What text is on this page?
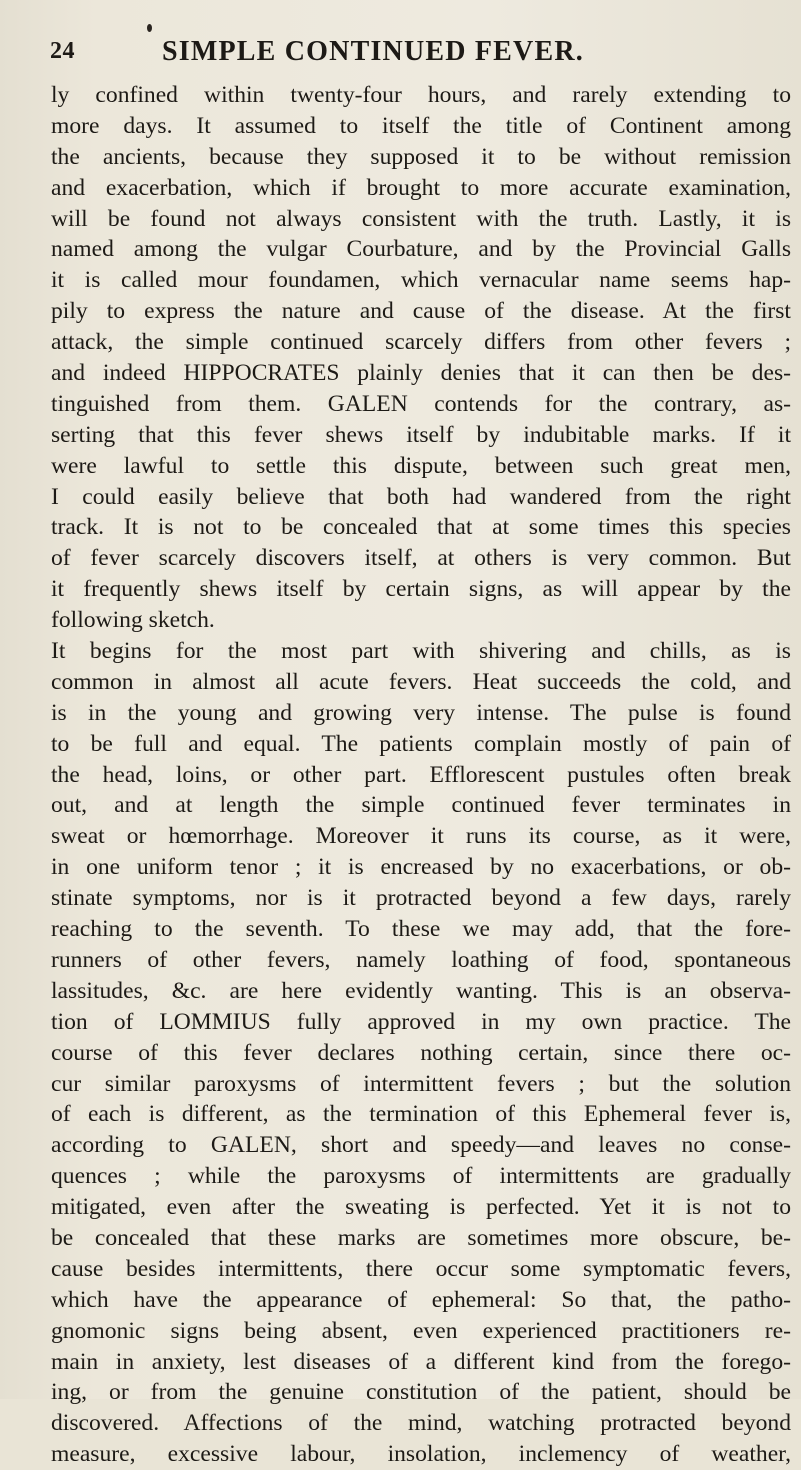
24	SIMPLE CONTINUED FEVER.
ly confined within twenty-four hours, and rarely extending to
more days. It assumed to itself the title of Continent among
the ancients, because they supposed it to be without remission
and exacerbation, which if brought to more accurate examination,
will be found not always consistent with the truth. Lastly, it is
named among the vulgar Courbature, and by the Provincial Galls
it is called mour foundamen, which vernacular name seems hap-
pily to express the nature and cause of the disease. At the first
attack, the simple continued scarcely differs from other fevers ;
and indeed HIPPOCRATES plainly denies that it can then be des-
tinguished from them. GALEN contends for the contrary, as-
serting that this fever shews itself by indubitable marks. If it
were lawful to settle this dispute, between such great men,
I could easily believe that both had wandered from the right
track. It is not to be concealed that at some times this species
of fever scarcely discovers itself, at others is very common. But
it frequently shews itself by certain signs, as will appear by the
following sketch.
It begins for the most part with shivering and chills, as is
common in almost all acute fevers. Heat succeeds the cold, and
is in the young and growing very intense. The pulse is found
to be full and equal. The patients complain mostly of pain of
the head, loins, or other part. Efflorescent pustules often break
out, and at length the simple continued fever terminates in
sweat or hœmorrhage. Moreover it runs its course, as it were,
in one uniform tenor ; it is encreased by no exacerbations, or ob-
stinate symptoms, nor is it protracted beyond a few days, rarely
reaching to the seventh. To these we may add, that the fore-
runners of other fevers, namely loathing of food, spontaneous
lassitudes, &c. are here evidently wanting. This is an observa-
tion of LOMMIUS fully approved in my own practice. The
course of this fever declares nothing certain, since there oc-
cur similar paroxysms of intermittent fevers ; but the solution
of each is different, as the termination of this Ephemeral fever is,
according to GALEN, short and speedy—and leaves no conse-
quences ; while the paroxysms of intermittents are gradually
mitigated, even after the sweating is perfected. Yet it is not to
be concealed that these marks are sometimes more obscure, be-
cause besides intermittents, there occur some symptomatic fevers,
which have the appearance of ephemeral: So that, the patho-
gnomonic signs being absent, even experienced practitioners re-
main in anxiety, lest diseases of a different kind from the forego-
ing, or from the genuine constitution of the patient, should be
discovered. Affections of the mind, watching protracted beyond
measure, excessive labour, insolation, inclemency of weather,
